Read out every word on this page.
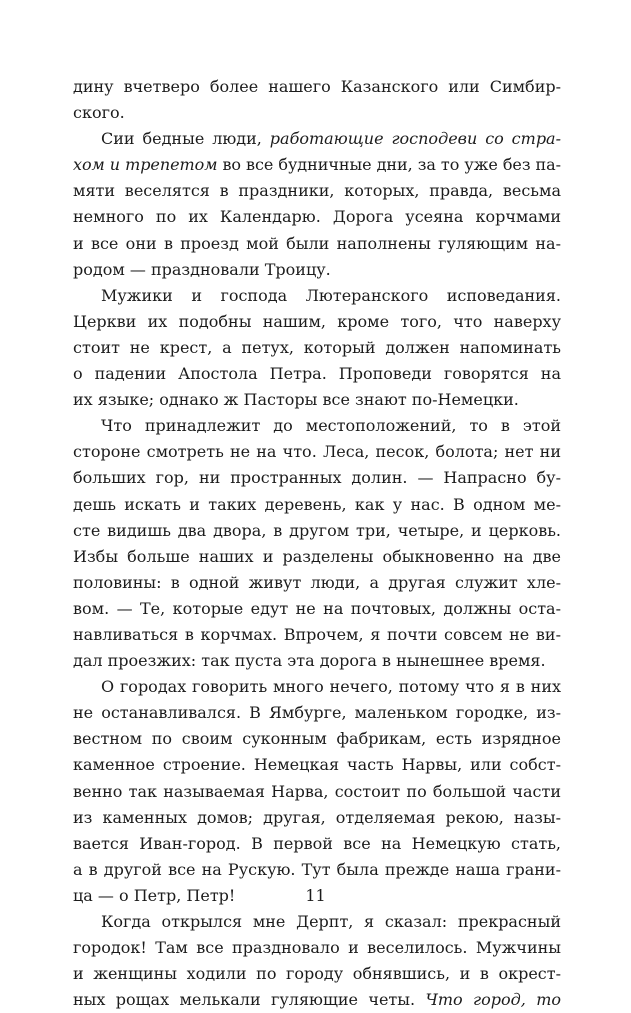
дину вчетверо более нашего Казанского или Симбир-
ского.
Сии бедные люди, работающие господеви со стра-
хом и трепетом во все будничные дни, за то уже без па-
мяти веселятся в праздники, которых, правда, весьма
немного по их Календарю. Дорога усеяна корчмами
и все они в проезд мой были наполнены гуляющим на-
родом — праздновали Троицу.
Мужики и господа Лютеранского исповедания.
Церкви их подобны нашим, кроме того, что наверху
стоит не крест, а петух, который должен напоминать
о падении Апостола Петра. Проповеди говорятся на
их языке; однако ж Пасторы все знают по-Немецки.
Что принадлежит до местоположений, то в этой
стороне смотреть не на что. Леса, песок, болота; нет ни
больших гор, ни пространных долин. — Напрасно бу-
дешь искать и таких деревень, как у нас. В одном ме-
сте видишь два двора, в другом три, четыре, и церковь.
Избы больше наших и разделены обыкновенно на две
половины: в одной живут люди, а другая служит хле-
вом. — Те, которые едут не на почтовых, должны оста-
навливаться в корчмах. Впрочем, я почти совсем не ви-
дал проезжих: так пуста эта дорога в нынешнее время.
О городах говорить много нечего, потому что я в них
не останавливался. В Ямбурге, маленьком городке, из-
вестном по своим суконным фабрикам, есть изрядное
каменное строение. Немецкая часть Нарвы, или собст-
венно так называемая Нарва, состоит по большой части
из каменных домов; другая, отделяемая рекою, назы-
вается Иван-город. В первой все на Немецкую стать,
а в другой все на Рускую. Тут была прежде наша грани-
ца — о Петр, Петр!
Когда открылся мне Дерпт, я сказал: прекрасный
городок! Там все праздновало и веселилось. Мужчины
и женщины ходили по городу обнявшись, и в окрест-
ных рощах мелькали гуляющие четы. Что город, то
11
